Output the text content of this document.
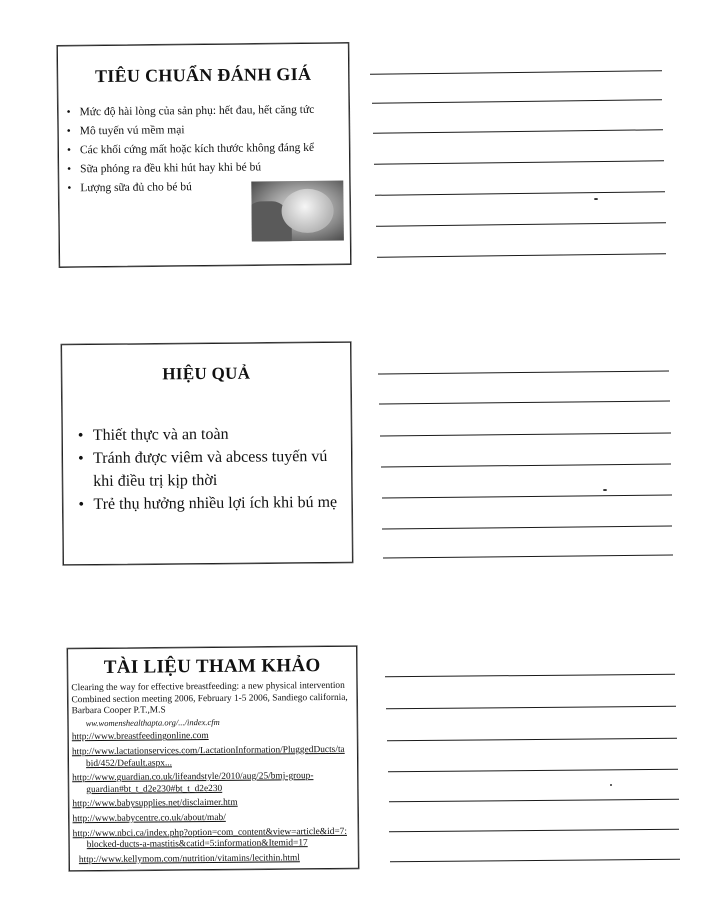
TIÊU CHUẨN ĐÁNH GIÁ
• Mức độ hài lòng của sản phụ: hết đau, hết căng tức
• Mô tuyến vú mềm mại
• Các khối cứng mất hoặc kích thước không đáng kể
• Sữa phóng ra đều khi hút hay khi bé bú
• Lượng sữa đủ cho bé bú
HIỆU QUẢ
• Thiết thực và an toàn
• Tránh được viêm và abcess tuyến vú khi điều trị kịp thời
• Trẻ thụ hưởng nhiều lợi ích khi bú mẹ
TÀI LIỆU THAM KHẢO

Clearing the way for effective breastfeeding: a new physical intervention Combined section meeting 2006, February 1-5 2006, Sandiego california, Barbara Cooper P.T.,M.S

ww.womenshealthapta.org/.../index.cfm

http://www.breastfeedingonline.com

http://www.lactationservices.com/LactationInformation/PluggedDucts/ta

bid/452/Default.aspx...

http://www.guardian.co.uk/lifeandstyle/2010/aug/25/bmj-group-

guardian#bt_t_d2e230#bt_t_d2e230

http://www.babysupplies.net/disclaimer.htm

http://www.babycentre.co.uk/about/mab/

http://www.nbci.ca/index.php?option=com_content&view=article&id=7:

blocked-ducts-a-mastitis&catid=5:information&Itemid=17

http://www.kellymom.com/nutrition/vitamins/lecithin.html
